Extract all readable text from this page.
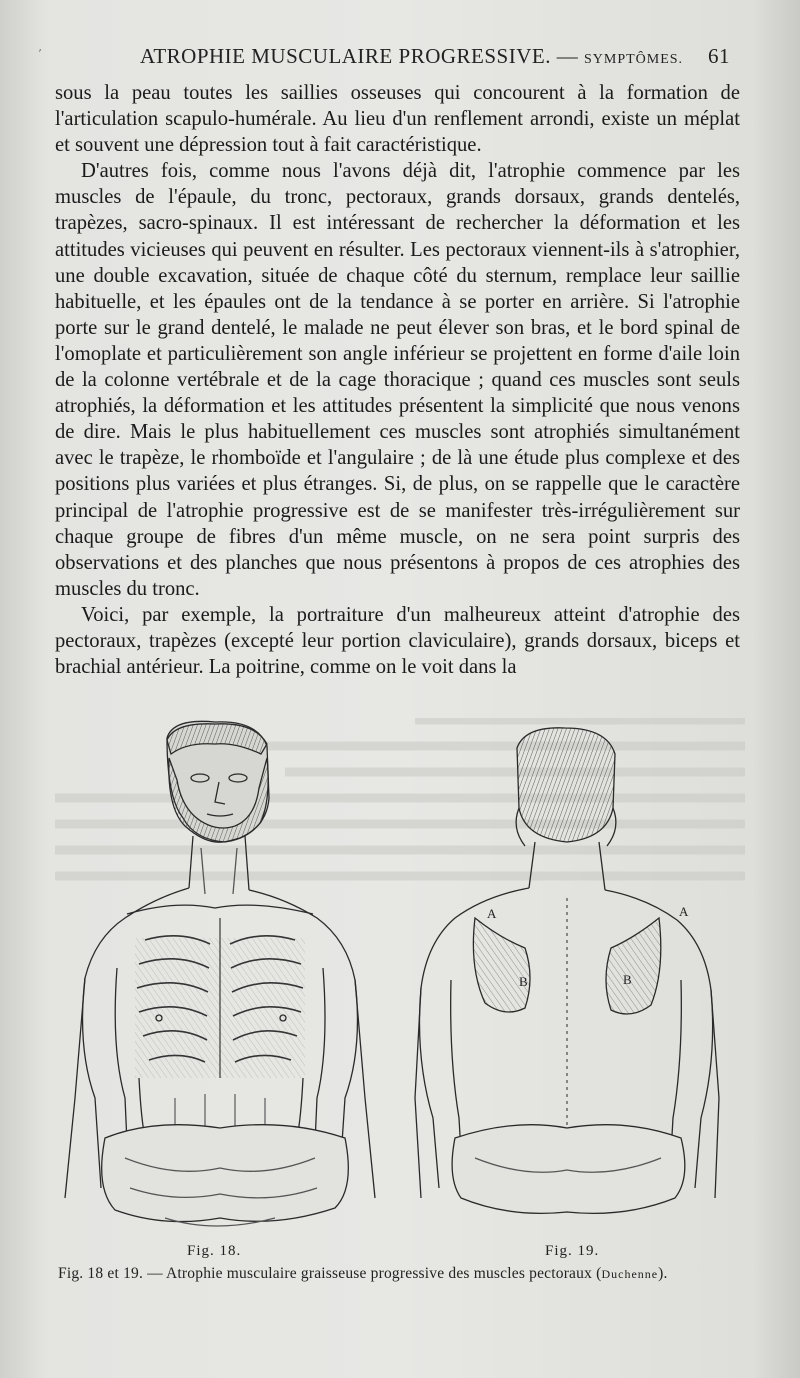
’	ATROPHIE MUSCULAIRE PROGRESSIVE. — SYMPTÔMES. 61

sous la peau toutes les saillies osseuses qui concourent à la formation de l'articulation scapulo-humérale. Au lieu d'un renflement arrondi, existe un méplat et souvent une dépression tout à fait caractéristique.

D'autres fois, comme nous l'avons déjà dit, l'atrophie commence par les muscles de l'épaule, du tronc, pectoraux, grands dorsaux, grands dentelés, trapèzes, sacro-spinaux. Il est intéressant de rechercher la déformation et les attitudes vicieuses qui peuvent en résulter. Les pectoraux viennent-ils à s'atrophier, une double excavation, située de chaque côté du sternum, remplace leur saillie habituelle, et les épaules ont de la tendance à se porter en arrière. Si l'atrophie porte sur le grand dentelé, le malade ne peut élever son bras, et le bord spinal de l'omoplate et particulièrement son angle inférieur se projettent en forme d'aile loin de la colonne vertébrale et de la cage thoracique ; quand ces muscles sont seuls atrophiés, la déformation et les attitudes présentent la simplicité que nous venons de dire. Mais le plus habituellement ces muscles sont atrophiés simultanément avec le trapèze, le rhomboïde et l'angulaire ; de là une étude plus complexe et des positions plus variées et plus étranges. Si, de plus, on se rappelle que le caractère principal de l'atrophie progressive est de se manifester très-irrégulièrement sur chaque groupe de fibres d'un même muscle, on ne sera point surpris des observations et des planches que nous présentons à propos de ces atrophies des muscles du tronc.

Voici, par exemple, la portraiture d'un malheureux atteint d'atrophie des pectoraux, trapèzes (excepté leur portion claviculaire), grands dorsaux, biceps et brachial antérieur. La poitrine, comme on le voit dans la

A	A
B	B
Fig. 18.	Fig. 19.
Fig. 18 et 19. — Atrophie musculaire graisseuse progressive des muscles pectoraux (Duchenne).
